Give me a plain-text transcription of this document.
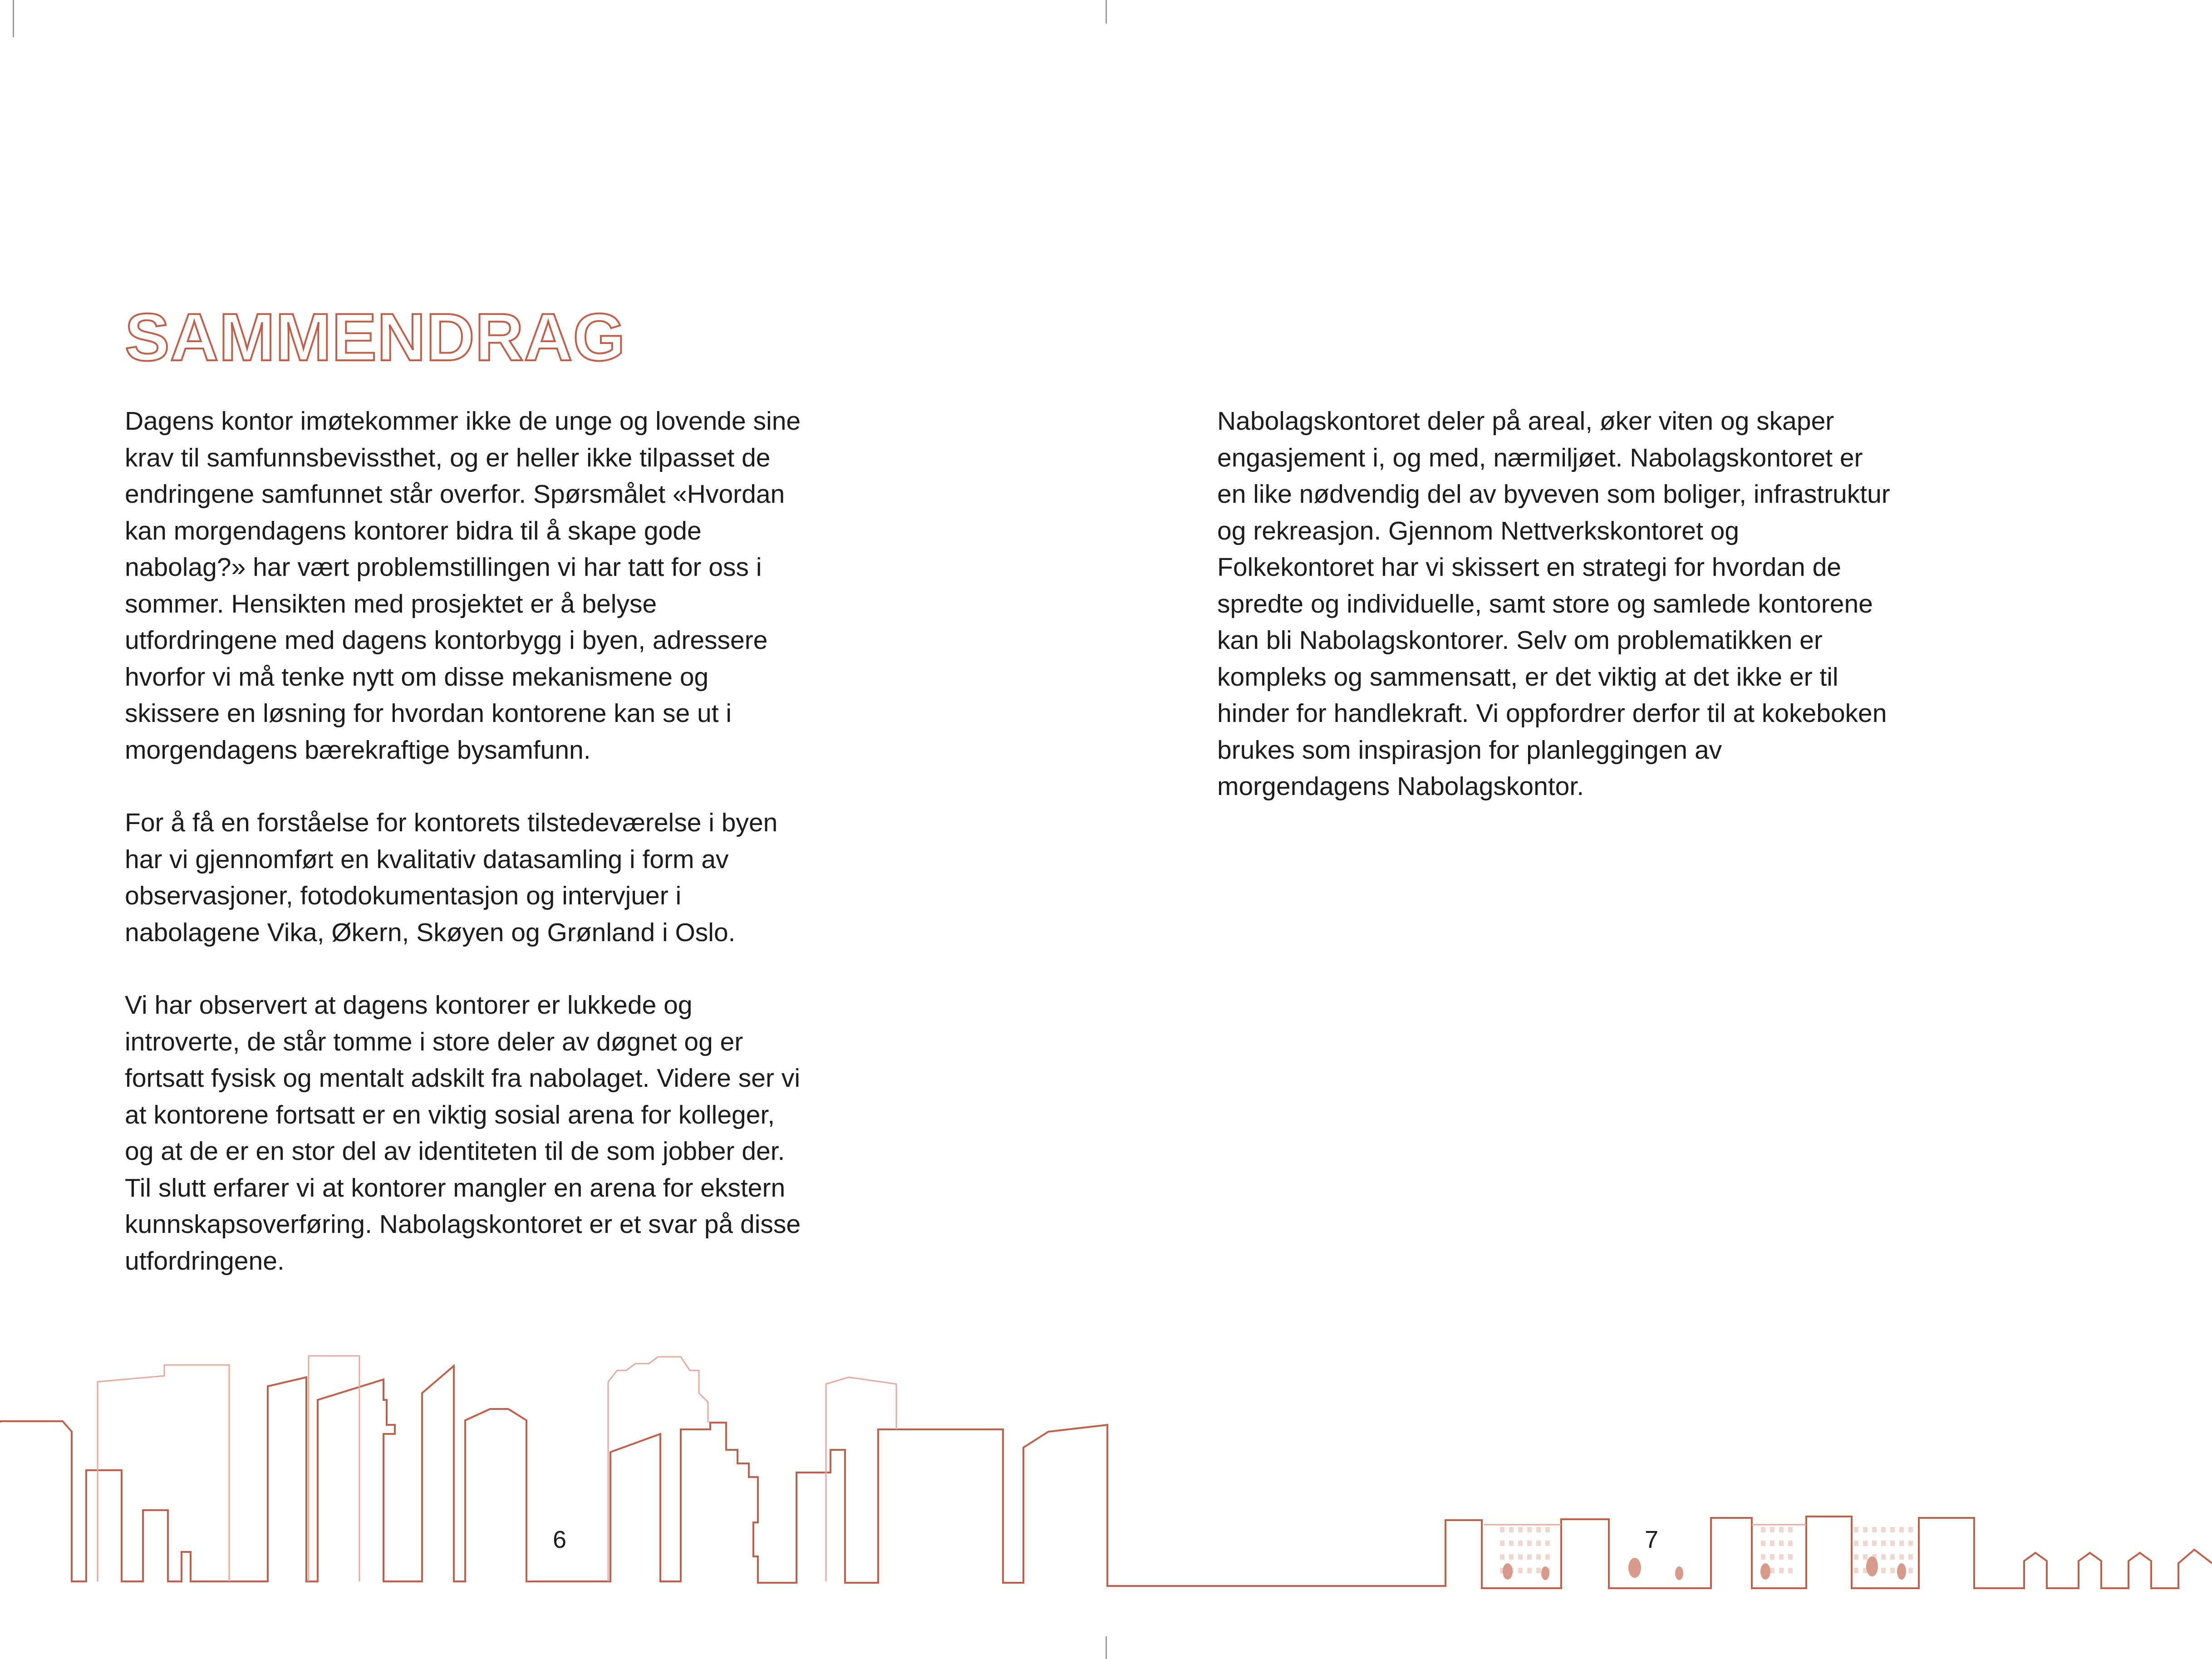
SAMMENDRAG

Dagens kontor imøtekommer ikke de unge og lovende sine krav til samfunnsbevissthet, og er heller ikke tilpasset de endringene samfunnet står overfor. Spørsmålet «Hvordan kan morgendagens kontorer bidra til å skape gode nabolag?» har vært problemstillingen vi har tatt for oss i sommer. Hensikten med prosjektet er å belyse utfordringene med dagens kontorbygg i byen, adressere hvorfor vi må tenke nytt om disse mekanismene og skissere en løsning for hvordan kontorene kan se ut i morgendagens bærekraftige bysamfunn.

For å få en forståelse for kontorets tilstedeværelse i byen har vi gjennomført en kvalitativ datasamling i form av observasjoner, fotodokumentasjon og intervjuer i nabolagene Vika, Økern, Skøyen og Grønland i Oslo.

Vi har observert at dagens kontorer er lukkede og introverte, de står tomme i store deler av døgnet og er fortsatt fysisk og mentalt adskilt fra nabolaget. Videre ser vi at kontorene fortsatt er en viktig sosial arena for kolleger, og at de er en stor del av identiteten til de som jobber der. Til slutt erfarer vi at kontorer mangler en arena for ekstern kunnskapsoverføring. Nabolagskontoret er et svar på disse utfordringene.

Nabolagskontoret deler på areal, øker viten og skaper engasjement i, og med, nærmiljøet. Nabolagskontoret er en like nødvendig del av byveven som boliger, infrastruktur og rekreasjon. Gjennom Nettverkskontoret og Folkekontoret har vi skissert en strategi for hvordan de spredte og individuelle, samt store og samlede kontorene kan bli Nabolagskontorer. Selv om problematikken er kompleks og sammensatt, er det viktig at det ikke er til hinder for handlekraft. Vi oppfordrer derfor til at kokeboken brukes som inspirasjon for planleggingen av morgendagens Nabolagskontor.

6	7
